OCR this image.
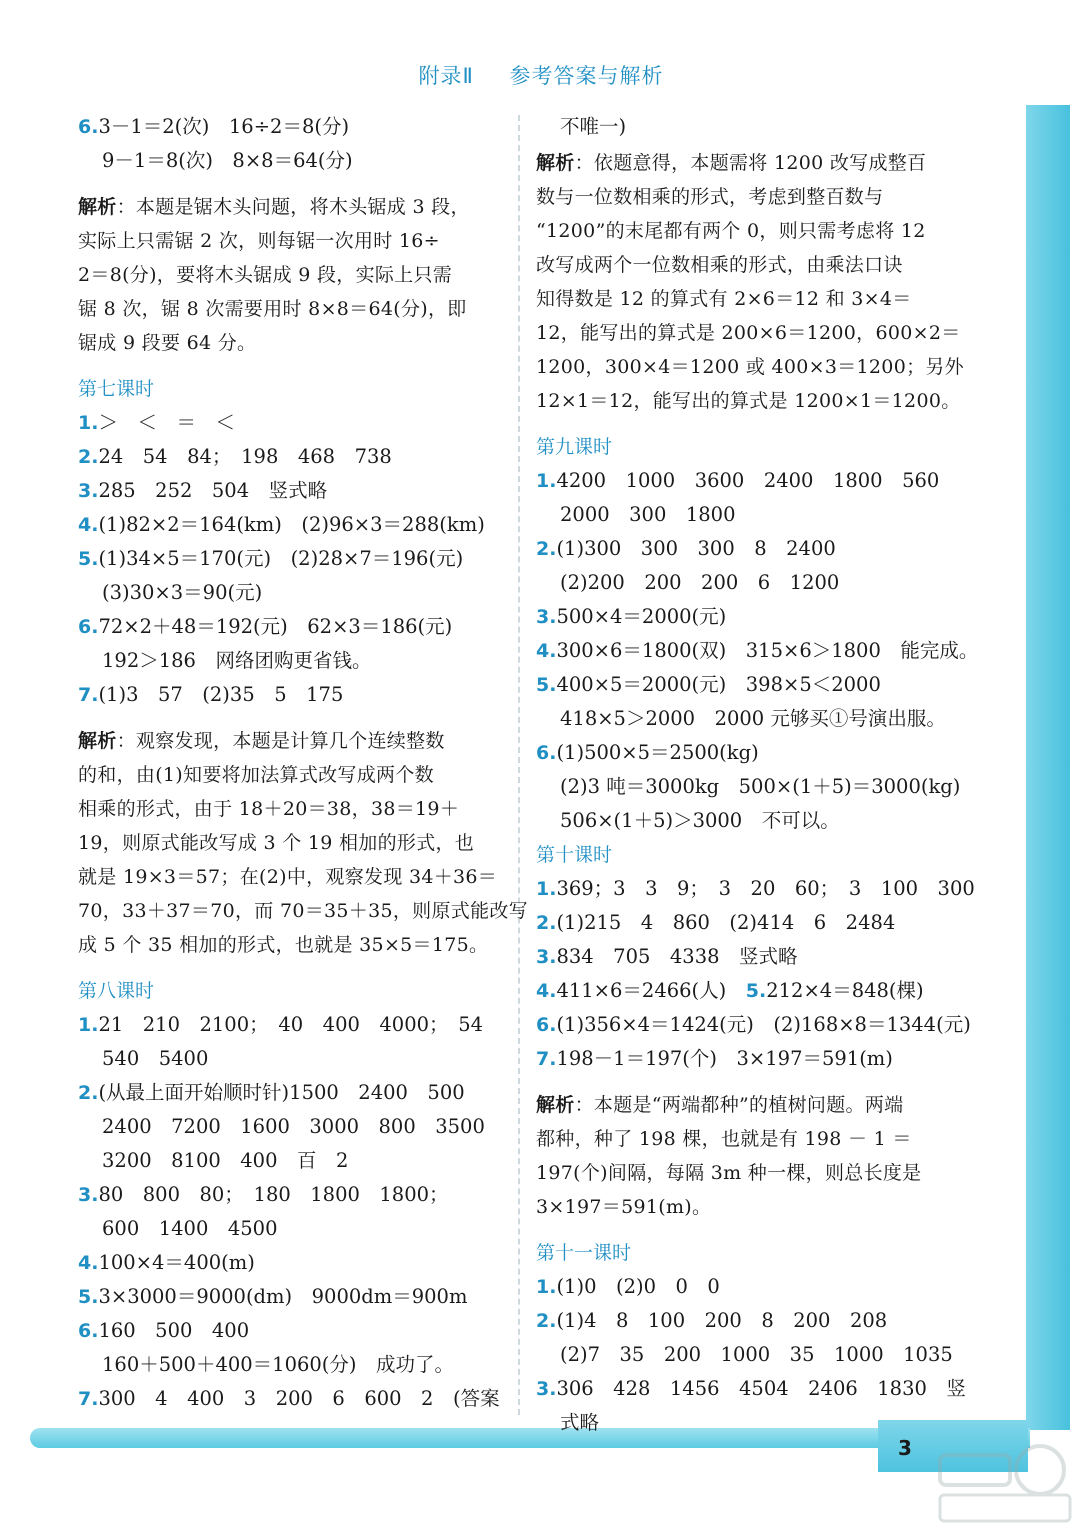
3
附录Ⅱ 参考答案与解析
6.3－1＝2(次)　16÷2＝8(分)
9－1＝8(次)　8×8＝64(分)
解析：本题是锯木头问题，将木头锯成 3 段，
实际上只需锯 2 次，则每锯一次用时 16÷
2＝8(分)，要将木头锯成 9 段，实际上只需
锯 8 次，锯 8 次需要用时 8×8＝64(分)，即
锯成 9 段要 64 分。
第七课时
1.＞　＜　＝　＜
2.24　54　84；　198　468　738
3.285　252　504　竖式略
4.(1)82×2＝164(km)　(2)96×3＝288(km)
5.(1)34×5＝170(元)　(2)28×7＝196(元)
(3)30×3＝90(元)
6.72×2＋48＝192(元)　62×3＝186(元)
192＞186　网络团购更省钱。
7.(1)3　57　(2)35　5　175
解析：观察发现，本题是计算几个连续整数
的和，由(1)知要将加法算式改写成两个数
相乘的形式，由于 18＋20＝38，38＝19＋
19，则原式能改写成 3 个 19 相加的形式，也
就是 19×3＝57；在(2)中，观察发现 34＋36＝
70，33＋37＝70，而 70＝35＋35，则原式能改写
成 5 个 35 相加的形式，也就是 35×5＝175。
第八课时
1.21　210　2100；　40　400　4000；　54
540　5400
2.(从最上面开始顺时针)1500　2400　500
2400　7200　1600　3000　800　3500
3200　8100　400　百　2
3.80　800　80；　180　1800　1800；
600　1400　4500
4.100×4＝400(m)
5.3×3000＝9000(dm)　9000dm＝900m
6.160　500　400
160＋500＋400＝1060(分)　成功了。
7.300　4　400　3　200　6　600　2　(答案
不唯一)
解析：依题意得，本题需将 1200 改写成整百
数与一位数相乘的形式，考虑到整百数与
“1200”的末尾都有两个 0，则只需考虑将 12
改写成两个一位数相乘的形式，由乘法口诀
知得数是 12 的算式有 2×6＝12 和 3×4＝
12，能写出的算式是 200×6＝1200，600×2＝
1200，300×4＝1200 或 400×3＝1200；另外
12×1＝12，能写出的算式是 1200×1＝1200。
第九课时
1.4200　1000　3600　2400　1800　560
2000　300　1800
2.(1)300　300　300　8　2400
(2)200　200　200　6　1200
3.500×4＝2000(元)
4.300×6＝1800(双)　315×6＞1800　能完成。
5.400×5＝2000(元)　398×5＜2000
418×5＞2000　2000 元够买①号演出服。
6.(1)500×5＝2500(kg)
(2)3 吨＝3000kg　500×(1＋5)＝3000(kg)
506×(1＋5)＞3000　不可以。
第十课时
1.369；3　3　9；　3　20　60；　3　100　300
2.(1)215　4　860　(2)414　6　2484
3.834　705　4338　竖式略
4.411×6＝2466(人)　 5.212×4＝848(棵)
6.(1)356×4＝1424(元)　(2)168×8＝1344(元)
7.198－1＝197(个)　3×197＝591(m)
解析：本题是“两端都种”的植树问题。两端
都种，种了 198 棵，也就是有 198 － 1 ＝
197(个)间隔，每隔 3m 种一棵，则总长度是
3×197＝591(m)。
第十一课时
1.(1)0　(2)0　0　0
2.(1)4　8　100　200　8　200　208
(2)7　35　200　1000　35　1000　1035
3.306　428　1456　4504　2406　1830　竖
式略
